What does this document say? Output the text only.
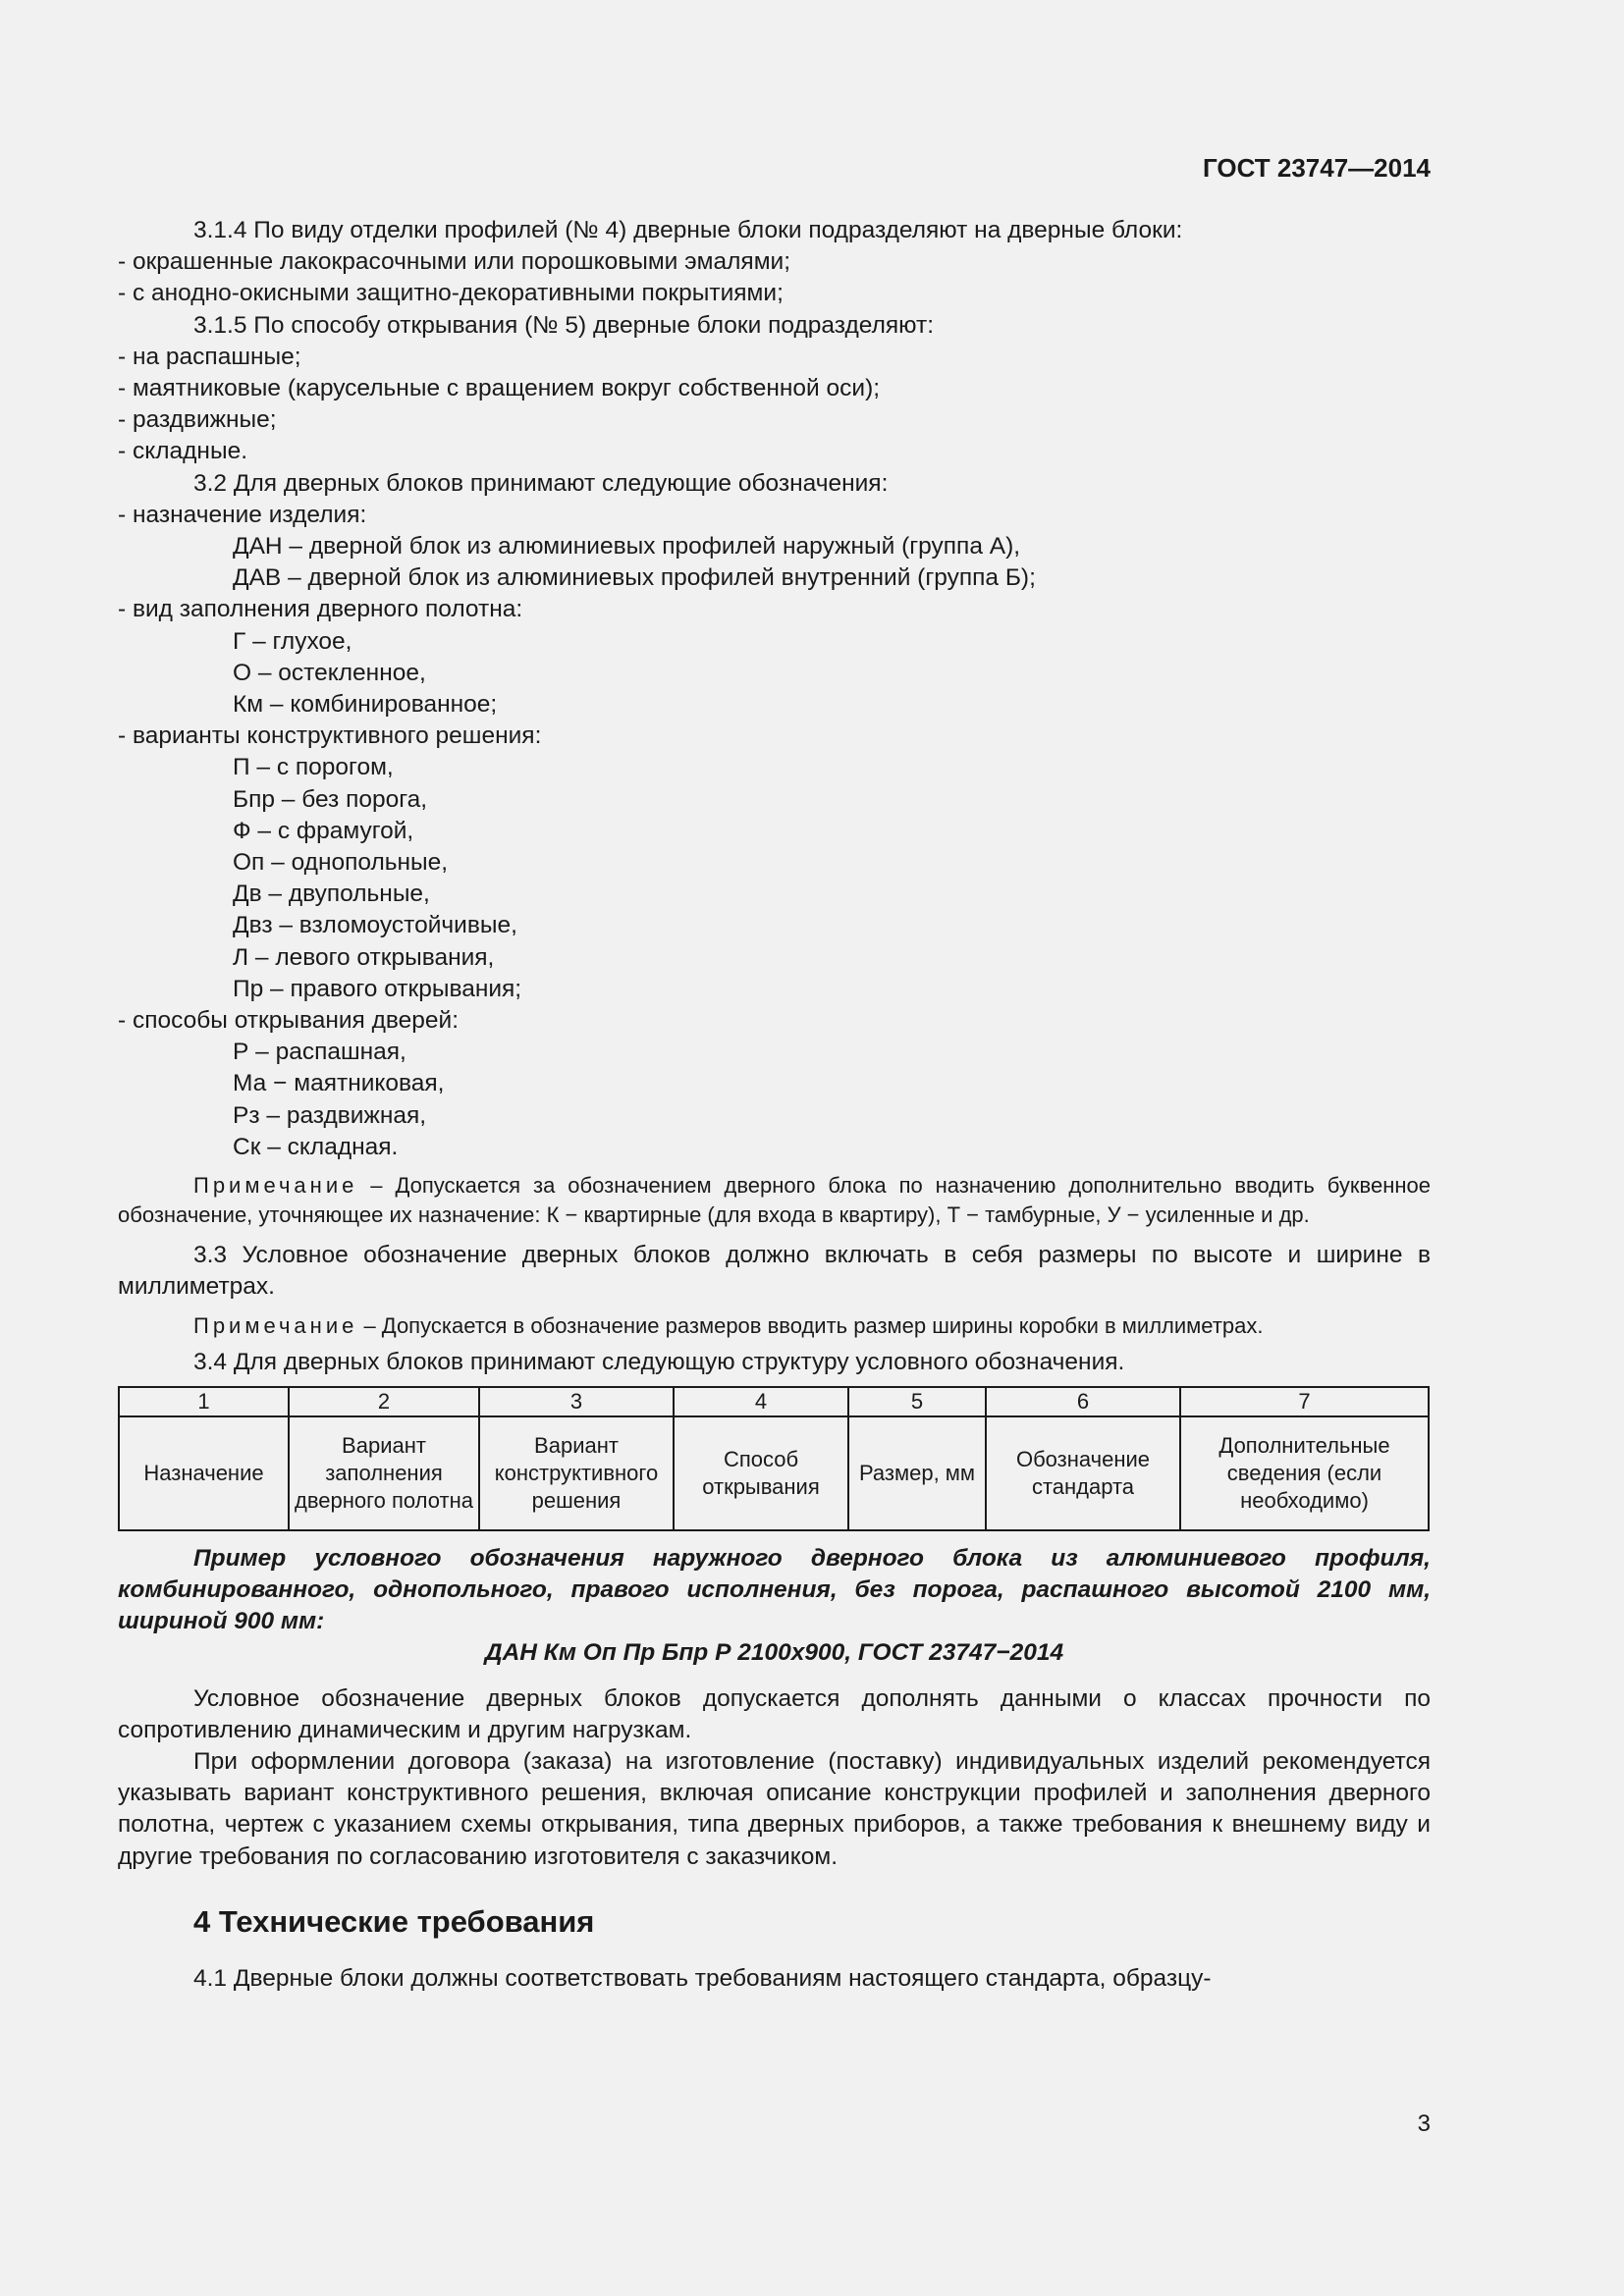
ГОСТ 23747—2014
3.1.4 По виду отделки профилей (№ 4) дверные блоки подразделяют на дверные блоки:
- окрашенные лакокрасочными или порошковыми эмалями;
- с анодно-окисными защитно-декоративными покрытиями;
3.1.5 По способу открывания (№ 5) дверные блоки подразделяют:
- на распашные;
- маятниковые (карусельные с вращением вокруг собственной оси);
- раздвижные;
- складные.
3.2 Для дверных блоков принимают следующие обозначения:
- назначение изделия:
ДАН – дверной блок из алюминиевых профилей наружный (группа А),
ДАВ – дверной блок из алюминиевых профилей внутренний (группа Б);
- вид заполнения дверного полотна:
Г – глухое,
О – остекленное,
Км – комбинированное;
- варианты конструктивного решения:
П – с порогом,
Бпр – без порога,
Ф – с фрамугой,
Оп – однопольные,
Дв – двупольные,
Двз – взломоустойчивые,
Л – левого открывания,
Пр – правого открывания;
- способы открывания дверей:
Р – распашная,
Ма − маятниковая,
Рз – раздвижная,
Ск – складная.
Примечание – Допускается за обозначением дверного блока по назначению дополнительно вводить буквенное обозначение, уточняющее их назначение: К − квартирные (для входа в квартиру), Т − тамбурные, У − усиленные и др.
3.3 Условное обозначение дверных блоков должно включать в себя размеры по высоте и ширине в миллиметрах.
Примечание – Допускается в обозначение размеров вводить размер ширины коробки в миллиметрах.
3.4 Для дверных блоков принимают следующую структуру условного обозначения.
1	2	3	4	5	6	7
Назначение	Вариант заполнения дверного полотна	Вариант конструктивного решения	Способ открывания	Размер, мм	Обозначение стандарта	Дополнительные сведения (если необходимо)
Пример условного обозначения наружного дверного блока из алюминиевого профиля, комбинированного, однопольного, правого исполнения, без порога, распашного высотой 2100 мм, шириной 900 мм:
ДАН Км Оп Пр Бпр Р 2100х900, ГОСТ 23747−2014
Условное обозначение дверных блоков допускается дополнять данными о классах прочности по сопротивлению динамическим и другим нагрузкам.
При оформлении договора (заказа) на изготовление (поставку) индивидуальных изделий рекомендуется указывать вариант конструктивного решения, включая описание конструкции профилей и заполнения дверного полотна, чертеж с указанием схемы открывания, типа дверных приборов, а также требования к внешнему виду и другие требования по согласованию изготовителя с заказчиком.
4 Технические требования
4.1 Дверные блоки должны соответствовать требованиям настоящего стандарта, образцу-
3
